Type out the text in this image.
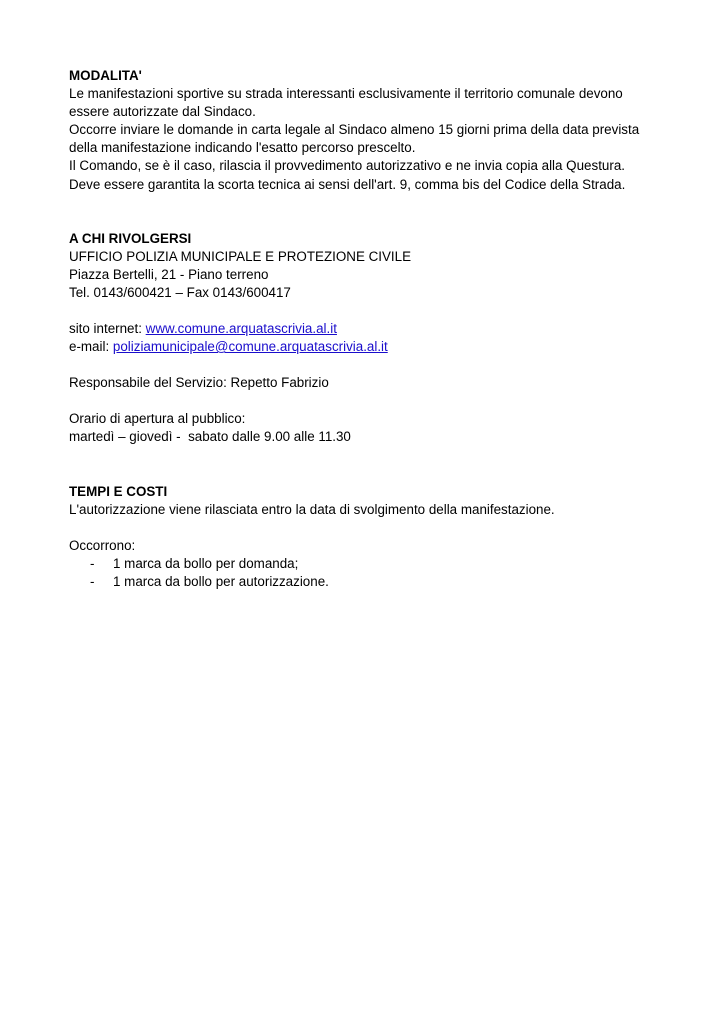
MODALITA'
Le manifestazioni sportive su strada interessanti esclusivamente il territorio comunale devono
essere autorizzate dal Sindaco.
Occorre inviare le domande in carta legale al Sindaco almeno 15 giorni prima della data prevista
della manifestazione indicando l'esatto percorso prescelto.
Il Comando, se è il caso, rilascia il provvedimento autorizzativo e ne invia copia alla Questura.
Deve essere garantita la scorta tecnica ai sensi dell'art. 9, comma bis del Codice della Strada.
A CHI RIVOLGERSI
UFFICIO POLIZIA MUNICIPALE E PROTEZIONE CIVILE
Piazza Bertelli, 21 - Piano terreno
Tel. 0143/600421 – Fax 0143/600417
sito internet: www.comune.arquatascrivia.al.it
e-mail: poliziamunicipale@comune.arquatascrivia.al.it
Responsabile del Servizio: Repetto Fabrizio
Orario di apertura al pubblico:
martedì – giovedì -  sabato dalle 9.00 alle 11.30
TEMPI E COSTI
L'autorizzazione viene rilasciata entro la data di svolgimento della manifestazione.
Occorrono:
- 1 marca da bollo per domanda;
- 1 marca da bollo per autorizzazione.
